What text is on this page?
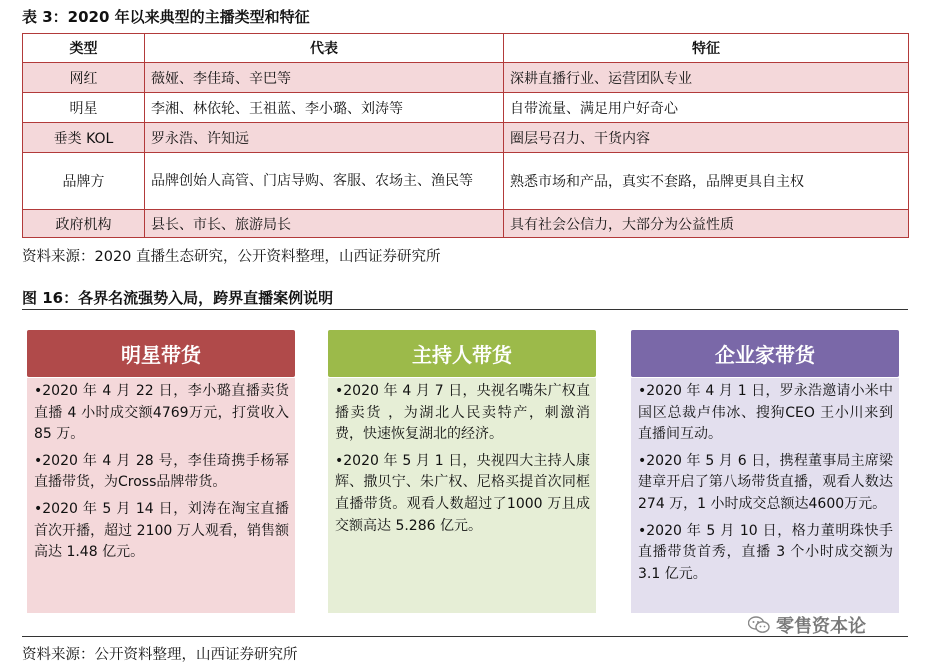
表 3：2020 年以来典型的主播类型和特征
类型	代表	特征
网红	薇娅、李佳琦、辛巴等	深耕直播行业、运营团队专业
明星	李湘、林依轮、王祖蓝、李小璐、刘涛等	自带流量、满足用户好奇心
垂类 KOL	罗永浩、许知远	圈层号召力、干货内容
品牌方	品牌创始人高管、门店导购、客服、农场主、渔民等	熟悉市场和产品，真实不套路，品牌更具自主权
政府机构	县长、市长、旅游局长	具有社会公信力，大部分为公益性质
资料来源：2020 直播生态研究，公开资料整理，山西证券研究所
图 16：各界名流强势入局，跨界直播案例说明
明星带货

•2020 年 4 月 22 日，李小璐直播卖货直播 4 小时成交额4769万元，打赏收入85 万。

•2020 年 4 月 28 号，李佳琦携手杨幂直播带货，为Cross品牌带货。

•2020 年 5 月 14 日，刘涛在淘宝直播首次开播，超过 2100 万人观看，销售额高达 1.48 亿元。

主持人带货

•2020 年 4 月 7 日，央视名嘴朱广权直播卖货 ，为湖北人民卖特产，刺激消费，快速恢复湖北的经济。

•2020 年 5 月 1 日，央视四大主持人康辉、撒贝宁、朱广权、尼格买提首次同框直播带货。观看人数超过了1000 万且成交额高达 5.286 亿元。

企业家带货

•2020 年 4 月 1 日，罗永浩邀请小米中国区总裁卢伟冰、搜狗CEO 王小川来到直播间互动。

•2020 年 5 月 6 日，携程董事局主席梁建章开启了第八场带货直播，观看人数达 274 万，1 小时成交总额达4600万元。

•2020 年 5 月 10 日，格力董明珠快手直播带货首秀，直播 3 个小时成交额为 3.1 亿元。

零售资本论
资料来源：公开资料整理，山西证券研究所
